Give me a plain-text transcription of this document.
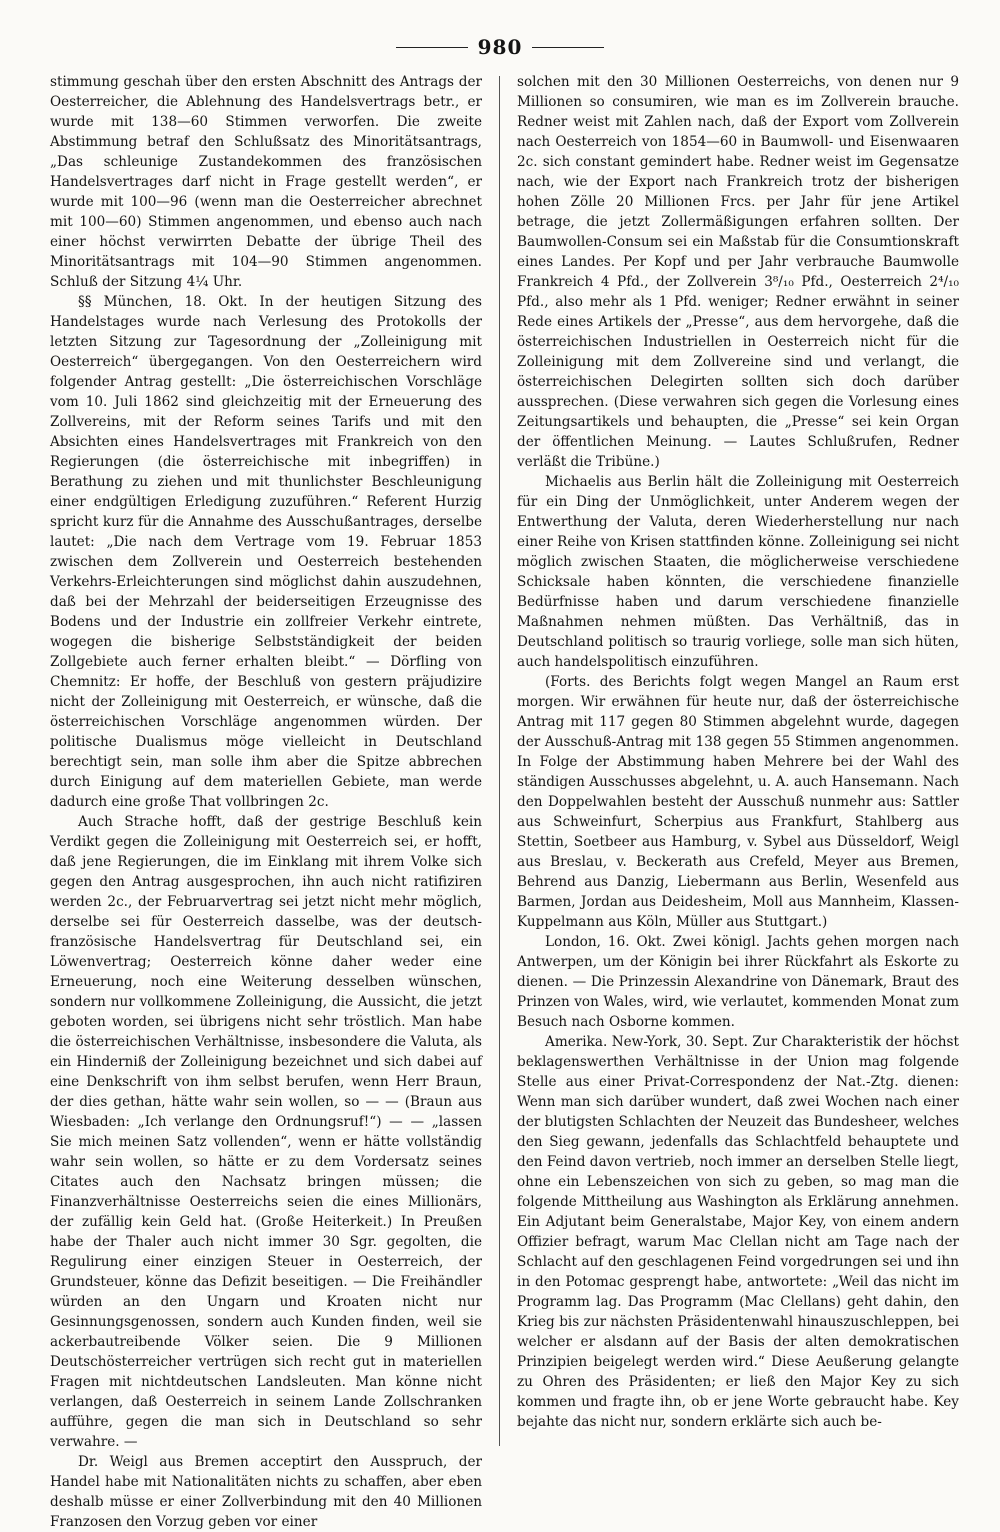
980

stimmung geschah über den ersten Abschnitt des Antrags der Oesterreicher, die Ablehnung des Handelsvertrags betr., er wurde mit 138—60 Stimmen verworfen. Die zweite Abstimmung betraf den Schlußsatz des Minoritätsantrags, „Das schleunige Zustandekommen des französischen Handelsvertrages darf nicht in Frage gestellt werden“, er wurde mit 100—96 (wenn man die Oesterreicher abrechnet mit 100—60) Stimmen angenommen, und ebenso auch nach einer höchst verwirrten Debatte der übrige Theil des Minoritätsantrags mit 104—90 Stimmen angenommen. Schluß der Sitzung 4¼ Uhr.

§§ München, 18. Okt. In der heutigen Sitzung des Handelstages wurde nach Verlesung des Protokolls der letzten Sitzung zur Tagesordnung der „Zolleinigung mit Oesterreich“ übergegangen. Von den Oesterreichern wird folgender Antrag gestellt: „Die österreichischen Vorschläge vom 10. Juli 1862 sind gleichzeitig mit der Erneuerung des Zollvereins, mit der Reform seines Tarifs und mit den Absichten eines Handelsvertrages mit Frankreich von den Regierungen (die österreichische mit inbegriffen) in Berathung zu ziehen und mit thunlichster Beschleunigung einer endgültigen Erledigung zuzuführen.“ Referent Hurzig spricht kurz für die Annahme des Ausschußantrages, derselbe lautet: „Die nach dem Vertrage vom 19. Februar 1853 zwischen dem Zollverein und Oesterreich bestehenden Verkehrs-Erleichterungen sind möglichst dahin auszudehnen, daß bei der Mehrzahl der beiderseitigen Erzeugnisse des Bodens und der Industrie ein zollfreier Verkehr eintrete, wogegen die bisherige Selbstständigkeit der beiden Zollgebiete auch ferner erhalten bleibt.“ — Dörfling von Chemnitz: Er hoffe, der Beschluß von gestern präjudizire nicht der Zolleinigung mit Oesterreich, er wünsche, daß die österreichischen Vorschläge angenommen würden. Der politische Dualismus möge vielleicht in Deutschland berechtigt sein, man solle ihm aber die Spitze abbrechen durch Einigung auf dem materiellen Gebiete, man werde dadurch eine große That vollbringen 2c.

Auch Strache hofft, daß der gestrige Beschluß kein Verdikt gegen die Zolleinigung mit Oesterreich sei, er hofft, daß jene Regierungen, die im Einklang mit ihrem Volke sich gegen den Antrag ausgesprochen, ihn auch nicht ratifiziren werden 2c., der Februarvertrag sei jetzt nicht mehr möglich, derselbe sei für Oesterreich dasselbe, was der deutsch-französische Handelsvertrag für Deutschland sei, ein Löwenvertrag; Oesterreich könne daher weder eine Erneuerung, noch eine Weiterung desselben wünschen, sondern nur vollkommene Zolleinigung, die Aussicht, die jetzt geboten worden, sei übrigens nicht sehr tröstlich. Man habe die österreichischen Verhältnisse, insbesondere die Valuta, als ein Hinderniß der Zolleinigung bezeichnet und sich dabei auf eine Denkschrift von ihm selbst berufen, wenn Herr Braun, der dies gethan, hätte wahr sein wollen, so — — (Braun aus Wiesbaden: „Ich verlange den Ordnungsruf!“) — — „lassen Sie mich meinen Satz vollenden“, wenn er hätte vollständig wahr sein wollen, so hätte er zu dem Vordersatz seines Citates auch den Nachsatz bringen müssen; die Finanzverhältnisse Oesterreichs seien die eines Millionärs, der zufällig kein Geld hat. (Große Heiterkeit.) In Preußen habe der Thaler auch nicht immer 30 Sgr. gegolten, die Regulirung einer einzigen Steuer in Oesterreich, der Grundsteuer, könne das Defizit beseitigen. — Die Freihändler würden an den Ungarn und Kroaten nicht nur Gesinnungsgenossen, sondern auch Kunden finden, weil sie ackerbautreibende Völker seien. Die 9 Millionen Deutschösterreicher vertrügen sich recht gut in materiellen Fragen mit nichtdeutschen Landsleuten. Man könne nicht verlangen, daß Oesterreich in seinem Lande Zollschranken aufführe, gegen die man sich in Deutschland so sehr verwahre. —

Dr. Weigl aus Bremen acceptirt den Ausspruch, der Handel habe mit Nationalitäten nichts zu schaffen, aber eben deshalb müsse er einer Zollverbindung mit den 40 Millionen Franzosen den Vorzug geben vor einer

solchen mit den 30 Millionen Oesterreichs, von denen nur 9 Millionen so consumiren, wie man es im Zollverein brauche. Redner weist mit Zahlen nach, daß der Export vom Zollverein nach Oesterreich von 1854—60 in Baumwoll- und Eisenwaaren 2c. sich constant gemindert habe. Redner weist im Gegensatze nach, wie der Export nach Frankreich trotz der bisherigen hohen Zölle 20 Millionen Frcs. per Jahr für jene Artikel betrage, die jetzt Zollermäßigungen erfahren sollten. Der Baumwollen-Consum sei ein Maßstab für die Consumtionskraft eines Landes. Per Kopf und per Jahr verbrauche Baumwolle Frankreich 4 Pfd., der Zollverein 3⁸/₁₀ Pfd., Oesterreich 2⁴/₁₀ Pfd., also mehr als 1 Pfd. weniger; Redner erwähnt in seiner Rede eines Artikels der „Presse“, aus dem hervorgehe, daß die österreichischen Industriellen in Oesterreich nicht für die Zolleinigung mit dem Zollvereine sind und verlangt, die österreichischen Delegirten sollten sich doch darüber aussprechen. (Diese verwahren sich gegen die Vorlesung eines Zeitungsartikels und behaupten, die „Presse“ sei kein Organ der öffentlichen Meinung. — Lautes Schlußrufen, Redner verläßt die Tribüne.)

Michaelis aus Berlin hält die Zolleinigung mit Oesterreich für ein Ding der Unmöglichkeit, unter Anderem wegen der Entwerthung der Valuta, deren Wiederherstellung nur nach einer Reihe von Krisen stattfinden könne. Zolleinigung sei nicht möglich zwischen Staaten, die möglicherweise verschiedene Schicksale haben könnten, die verschiedene finanzielle Bedürfnisse haben und darum verschiedene finanzielle Maßnahmen nehmen müßten. Das Verhältniß, das in Deutschland politisch so traurig vorliege, solle man sich hüten, auch handelspolitisch einzuführen.

(Forts. des Berichts folgt wegen Mangel an Raum erst morgen. Wir erwähnen für heute nur, daß der österreichische Antrag mit 117 gegen 80 Stimmen abgelehnt wurde, dagegen der Ausschuß-Antrag mit 138 gegen 55 Stimmen angenommen. In Folge der Abstimmung haben Mehrere bei der Wahl des ständigen Ausschusses abgelehnt, u. A. auch Hansemann. Nach den Doppelwahlen besteht der Ausschuß nunmehr aus: Sattler aus Schweinfurt, Scherpius aus Frankfurt, Stahlberg aus Stettin, Soetbeer aus Hamburg, v. Sybel aus Düsseldorf, Weigl aus Breslau, v. Beckerath aus Crefeld, Meyer aus Bremen, Behrend aus Danzig, Liebermann aus Berlin, Wesenfeld aus Barmen, Jordan aus Deidesheim, Moll aus Mannheim, Klassen-Kuppelmann aus Köln, Müller aus Stuttgart.)

London, 16. Okt. Zwei königl. Jachts gehen morgen nach Antwerpen, um der Königin bei ihrer Rückfahrt als Eskorte zu dienen. — Die Prinzessin Alexandrine von Dänemark, Braut des Prinzen von Wales, wird, wie verlautet, kommenden Monat zum Besuch nach Osborne kommen.

Amerika. New-York, 30. Sept. Zur Charakteristik der höchst beklagenswerthen Verhältnisse in der Union mag folgende Stelle aus einer Privat-Correspondenz der Nat.-Ztg. dienen: Wenn man sich darüber wundert, daß zwei Wochen nach einer der blutigsten Schlachten der Neuzeit das Bundesheer, welches den Sieg gewann, jedenfalls das Schlachtfeld behauptete und den Feind davon vertrieb, noch immer an derselben Stelle liegt, ohne ein Lebenszeichen von sich zu geben, so mag man die folgende Mittheilung aus Washington als Erklärung annehmen. Ein Adjutant beim Generalstabe, Major Key, von einem andern Offizier befragt, warum Mac Clellan nicht am Tage nach der Schlacht auf den geschlagenen Feind vorgedrungen sei und ihn in den Potomac gesprengt habe, antwortete: „Weil das nicht im Programm lag. Das Programm (Mac Clellans) geht dahin, den Krieg bis zur nächsten Präsidentenwahl hinauszuschleppen, bei welcher er alsdann auf der Basis der alten demokratischen Prinzipien beigelegt werden wird.“ Diese Aeußerung gelangte zu Ohren des Präsidenten; er ließ den Major Key zu sich kommen und fragte ihn, ob er jene Worte gebraucht habe. Key bejahte das nicht nur, sondern erklärte sich auch be-
